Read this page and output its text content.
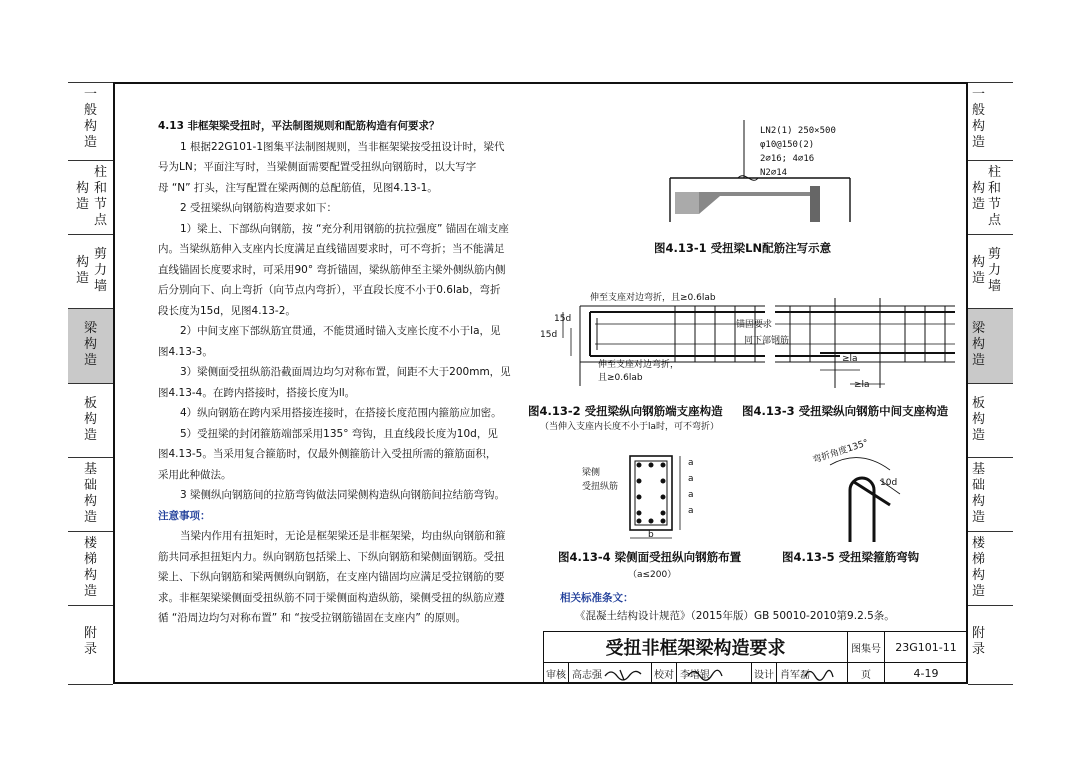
一
般
构
造
构
造
柱
和
节
点
构
造
剪
力
墙
梁
构
造
板
构
造
基
础
构
造
楼
梯
构
造
附
录
一
般
构
造
构
造
柱
和
节
点
构
造
剪
力
墙
梁
构
造
板
构
造
基
础
构
造
楼
梯
构
造
附
录
4.13 非框架梁受扭时，平法制图规则和配筋构造有何要求？
1 根据22G101-1图集平法制图规则，当非框架梁按受扭设计时，梁代
号为LN；平面注写时，当梁侧面需要配置受扭纵向钢筋时，以大写字
母 “N” 打头，注写配置在梁两侧的总配筋值，见图4.13-1。
2 受扭梁纵向钢筋构造要求如下：
1）梁上、下部纵向钢筋，按 “充分利用钢筋的抗拉强度” 锚固在端支座
内。当梁纵筋伸入支座内长度满足直线锚固要求时，可不弯折；当不能满足
直线锚固长度要求时，可采用90° 弯折锚固，梁纵筋伸至主梁外侧纵筋内侧
后分别向下、向上弯折（向节点内弯折），平直段长度不小于0.6lab，弯折
段长度为15d，见图4.13-2。
2）中间支座下部纵筋宜贯通，不能贯通时锚入支座长度不小于la，见
图4.13-3。
3）梁侧面受扭纵筋沿截面周边均匀对称布置，间距不大于200mm，见
图4.13-4。在跨内搭接时，搭接长度为ll。
4）纵向钢筋在跨内采用搭接连接时，在搭接长度范围内箍筋应加密。
5）受扭梁的封闭箍筋端部采用135° 弯钩，且直线段长度为10d，见
图4.13-5。当采用复合箍筋时，仅最外侧箍筋计入受扭所需的箍筋面积，
采用此种做法。
3 梁侧纵向钢筋间的拉筋弯钩做法同梁侧构造纵向钢筋间拉结筋弯钩。
注意事项：
当梁内作用有扭矩时，无论是框架梁还是非框架梁，均由纵向钢筋和箍
筋共同承担扭矩内力。纵向钢筋包括梁上、下纵向钢筋和梁侧面钢筋。受扭
梁上、下纵向钢筋和梁两侧纵向钢筋，在支座内锚固均应满足受拉钢筋的要
求。非框架梁梁侧面受扭纵筋不同于梁侧面构造纵筋，梁侧受扭的纵筋应遵
循 “沿周边均匀对称布置” 和 “按受拉钢筋锚固在支座内” 的原则。
LN2(1) 250×500
φ10@150(2)
2⌀16; 4⌀16
N2⌀14
图4.13-1 受扭梁LN配筋注写示意
伸至支座对边弯折，且≥0.6lab
15d
15d
伸至支座对边弯折，
且≥0.6lab
图4.13-2 受扭梁纵向钢筋端支座构造
（当伸入支座内长度不小于la时，可不弯折）
锚固要求
同下部钢筋
≥la
≥la
图4.13-3 受扭梁纵向钢筋中间支座构造
梁侧
受扭纵筋
a
a
a
a
b
图4.13-4 梁侧面受扭纵向钢筋布置
（a≤200）
弯折角度135°
10d
图4.13-5 受扭梁箍筋弯钩
相关标准条文：
《混凝土结构设计规范》（2015年版）GB 50010-2010第9.2.5条。
受扭非框架梁构造要求	图集号	23G101-11
审核 高志强	校对 李增银	设计 肖军磊	页	4-19
